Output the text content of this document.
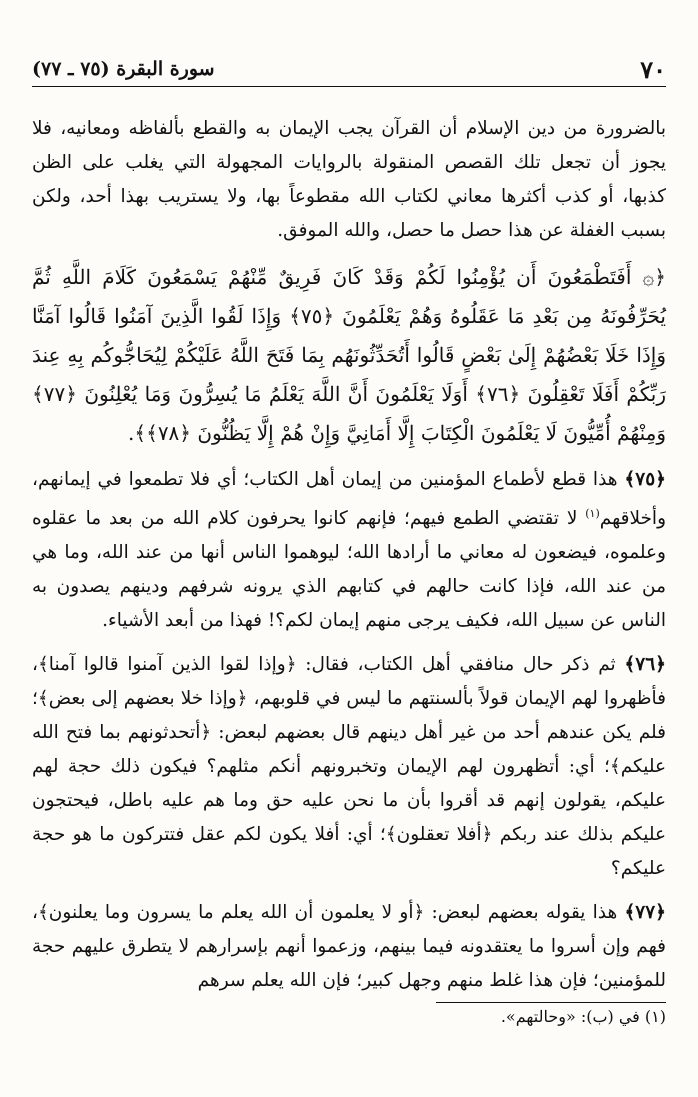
٧٠
سورة البقرة (٧٥ ـ ٧٧)

بالضرورة من دين الإسلام أن القرآن يجب الإيمان به والقطع بألفاظه ومعانيه، فلا يجوز أن تجعل تلك القصص المنقولة بالروايات المجهولة التي يغلب على الظن كذبها، أو كذب أكثرها معاني لكتاب الله مقطوعاً بها، ولا يستريب بهذا أحد، ولكن بسبب الغفلة عن هذا حصل ما حصل، والله الموفق.

﴿۞ أَفَتَطْمَعُونَ أَن يُؤْمِنُوا لَكُمْ وَقَدْ كَانَ فَرِيقٌ مِّنْهُمْ يَسْمَعُونَ كَلَامَ اللَّهِ ثُمَّ يُحَرِّفُونَهُ مِن بَعْدِ مَا عَقَلُوهُ وَهُمْ يَعْلَمُونَ ﴿٧٥﴾ وَإِذَا لَقُوا الَّذِينَ آمَنُوا قَالُوا آمَنَّا وَإِذَا خَلَا بَعْضُهُمْ إِلَىٰ بَعْضٍ قَالُوا أَتُحَدِّثُونَهُم بِمَا فَتَحَ اللَّهُ عَلَيْكُمْ لِيُحَاجُّوكُم بِهِ عِندَ رَبِّكُمْ أَفَلَا تَعْقِلُونَ ﴿٧٦﴾ أَوَلَا يَعْلَمُونَ أَنَّ اللَّهَ يَعْلَمُ مَا يُسِرُّونَ وَمَا يُعْلِنُونَ ﴿٧٧﴾ وَمِنْهُمْ أُمِّيُّونَ لَا يَعْلَمُونَ الْكِتَابَ إِلَّا أَمَانِيَّ وَإِنْ هُمْ إِلَّا يَظُنُّونَ ﴿٧٨﴾﴾.

﴿٧٥﴾ هذا قطع لأطماع المؤمنين من إيمان أهل الكتاب؛ أي فلا تطمعوا في إيمانهم، وأخلاقهم$^{(١)}$ لا تقتضي الطمع فيهم؛ فإنهم كانوا يحرفون كلام الله من بعد ما عقلوه وعلموه، فيضعون له معاني ما أرادها الله؛ ليوهموا الناس أنها من عند الله، وما هي من عند الله، فإذا كانت حالهم في كتابهم الذي يرونه شرفهم ودينهم يصدون به الناس عن سبيل الله، فكيف يرجى منهم إيمان لكم؟! فهذا من أبعد الأشياء.

﴿٧٦﴾ ثم ذكر حال منافقي أهل الكتاب، فقال: ﴿وإذا لقوا الذين آمنوا قالوا آمنا﴾، فأظهروا لهم الإيمان قولاً بألسنتهم ما ليس في قلوبهم، ﴿وإذا خلا بعضهم إلى بعض﴾؛ فلم يكن عندهم أحد من غير أهل دينهم قال بعضهم لبعض: ﴿أتحدثونهم بما فتح الله عليكم﴾؛ أي: أتظهرون لهم الإيمان وتخبرونهم أنكم مثلهم؟ فيكون ذلك حجة لهم عليكم، يقولون إنهم قد أقروا بأن ما نحن عليه حق وما هم عليه باطل، فيحتجون عليكم بذلك عند ربكم ﴿أفلا تعقلون﴾؛ أي: أفلا يكون لكم عقل فتتركون ما هو حجة عليكم؟

﴿٧٧﴾ هذا يقوله بعضهم لبعض: ﴿أو لا يعلمون أن الله يعلم ما يسرون وما يعلنون﴾، فهم وإن أسروا ما يعتقدونه فيما بينهم، وزعموا أنهم بإسرارهم لا يتطرق عليهم حجة للمؤمنين؛ فإن هذا غلط منهم وجهل كبير؛ فإن الله يعلم سرهم

(١) في (ب): «وحالتهم».
